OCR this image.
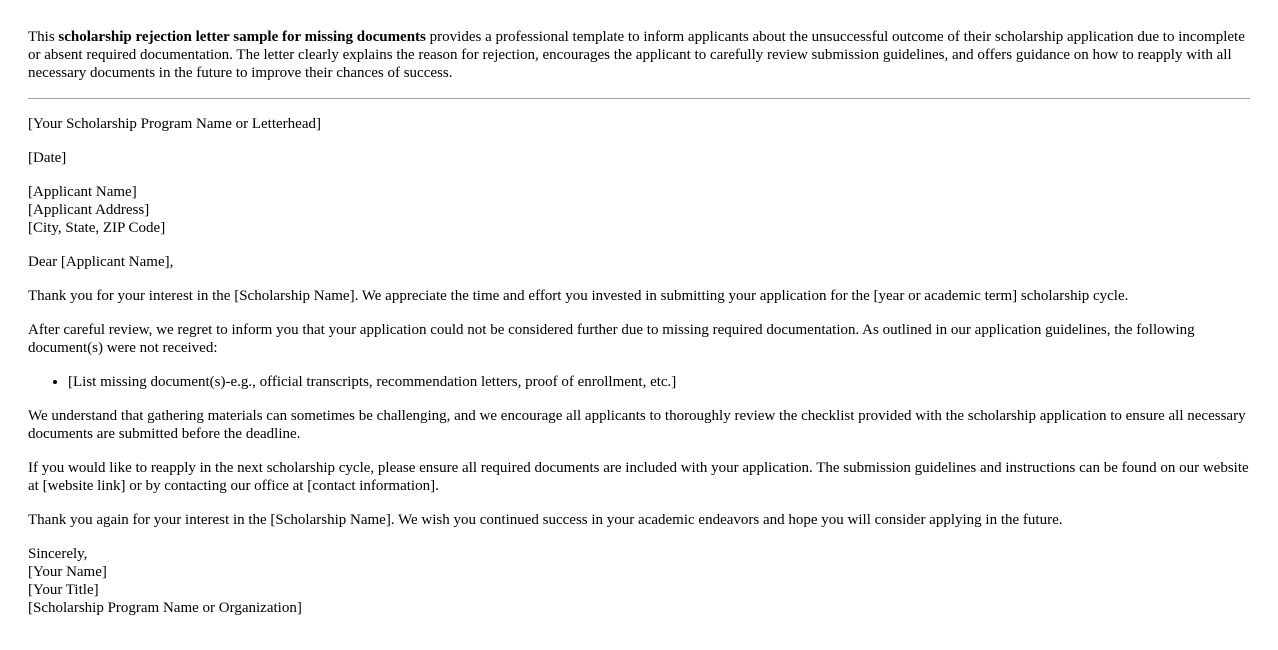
This scholarship rejection letter sample for missing documents provides a professional template to inform applicants about the unsuccessful outcome of their scholarship application due to incomplete or absent required documentation. The letter clearly explains the reason for rejection, encourages the applicant to carefully review submission guidelines, and offers guidance on how to reapply with all necessary documents in the future to improve their chances of success.

[Your Scholarship Program Name or Letterhead]

[Date]

[Applicant Name]
[Applicant Address]
[City, State, ZIP Code]

Dear [Applicant Name],

Thank you for your interest in the [Scholarship Name]. We appreciate the time and effort you invested in submitting your application for the [year or academic term] scholarship cycle.

After careful review, we regret to inform you that your application could not be considered further due to missing required documentation. As outlined in our application guidelines, the following document(s) were not received:

• [List missing document(s)-e.g., official transcripts, recommendation letters, proof of enrollment, etc.]

We understand that gathering materials can sometimes be challenging, and we encourage all applicants to thoroughly review the checklist provided with the scholarship application to ensure all necessary documents are submitted before the deadline.

If you would like to reapply in the next scholarship cycle, please ensure all required documents are included with your application. The submission guidelines and instructions can be found on our website at [website link] or by contacting our office at [contact information].

Thank you again for your interest in the [Scholarship Name]. We wish you continued success in your academic endeavors and hope you will consider applying in the future.

Sincerely,
[Your Name]
[Your Title]
[Scholarship Program Name or Organization]
